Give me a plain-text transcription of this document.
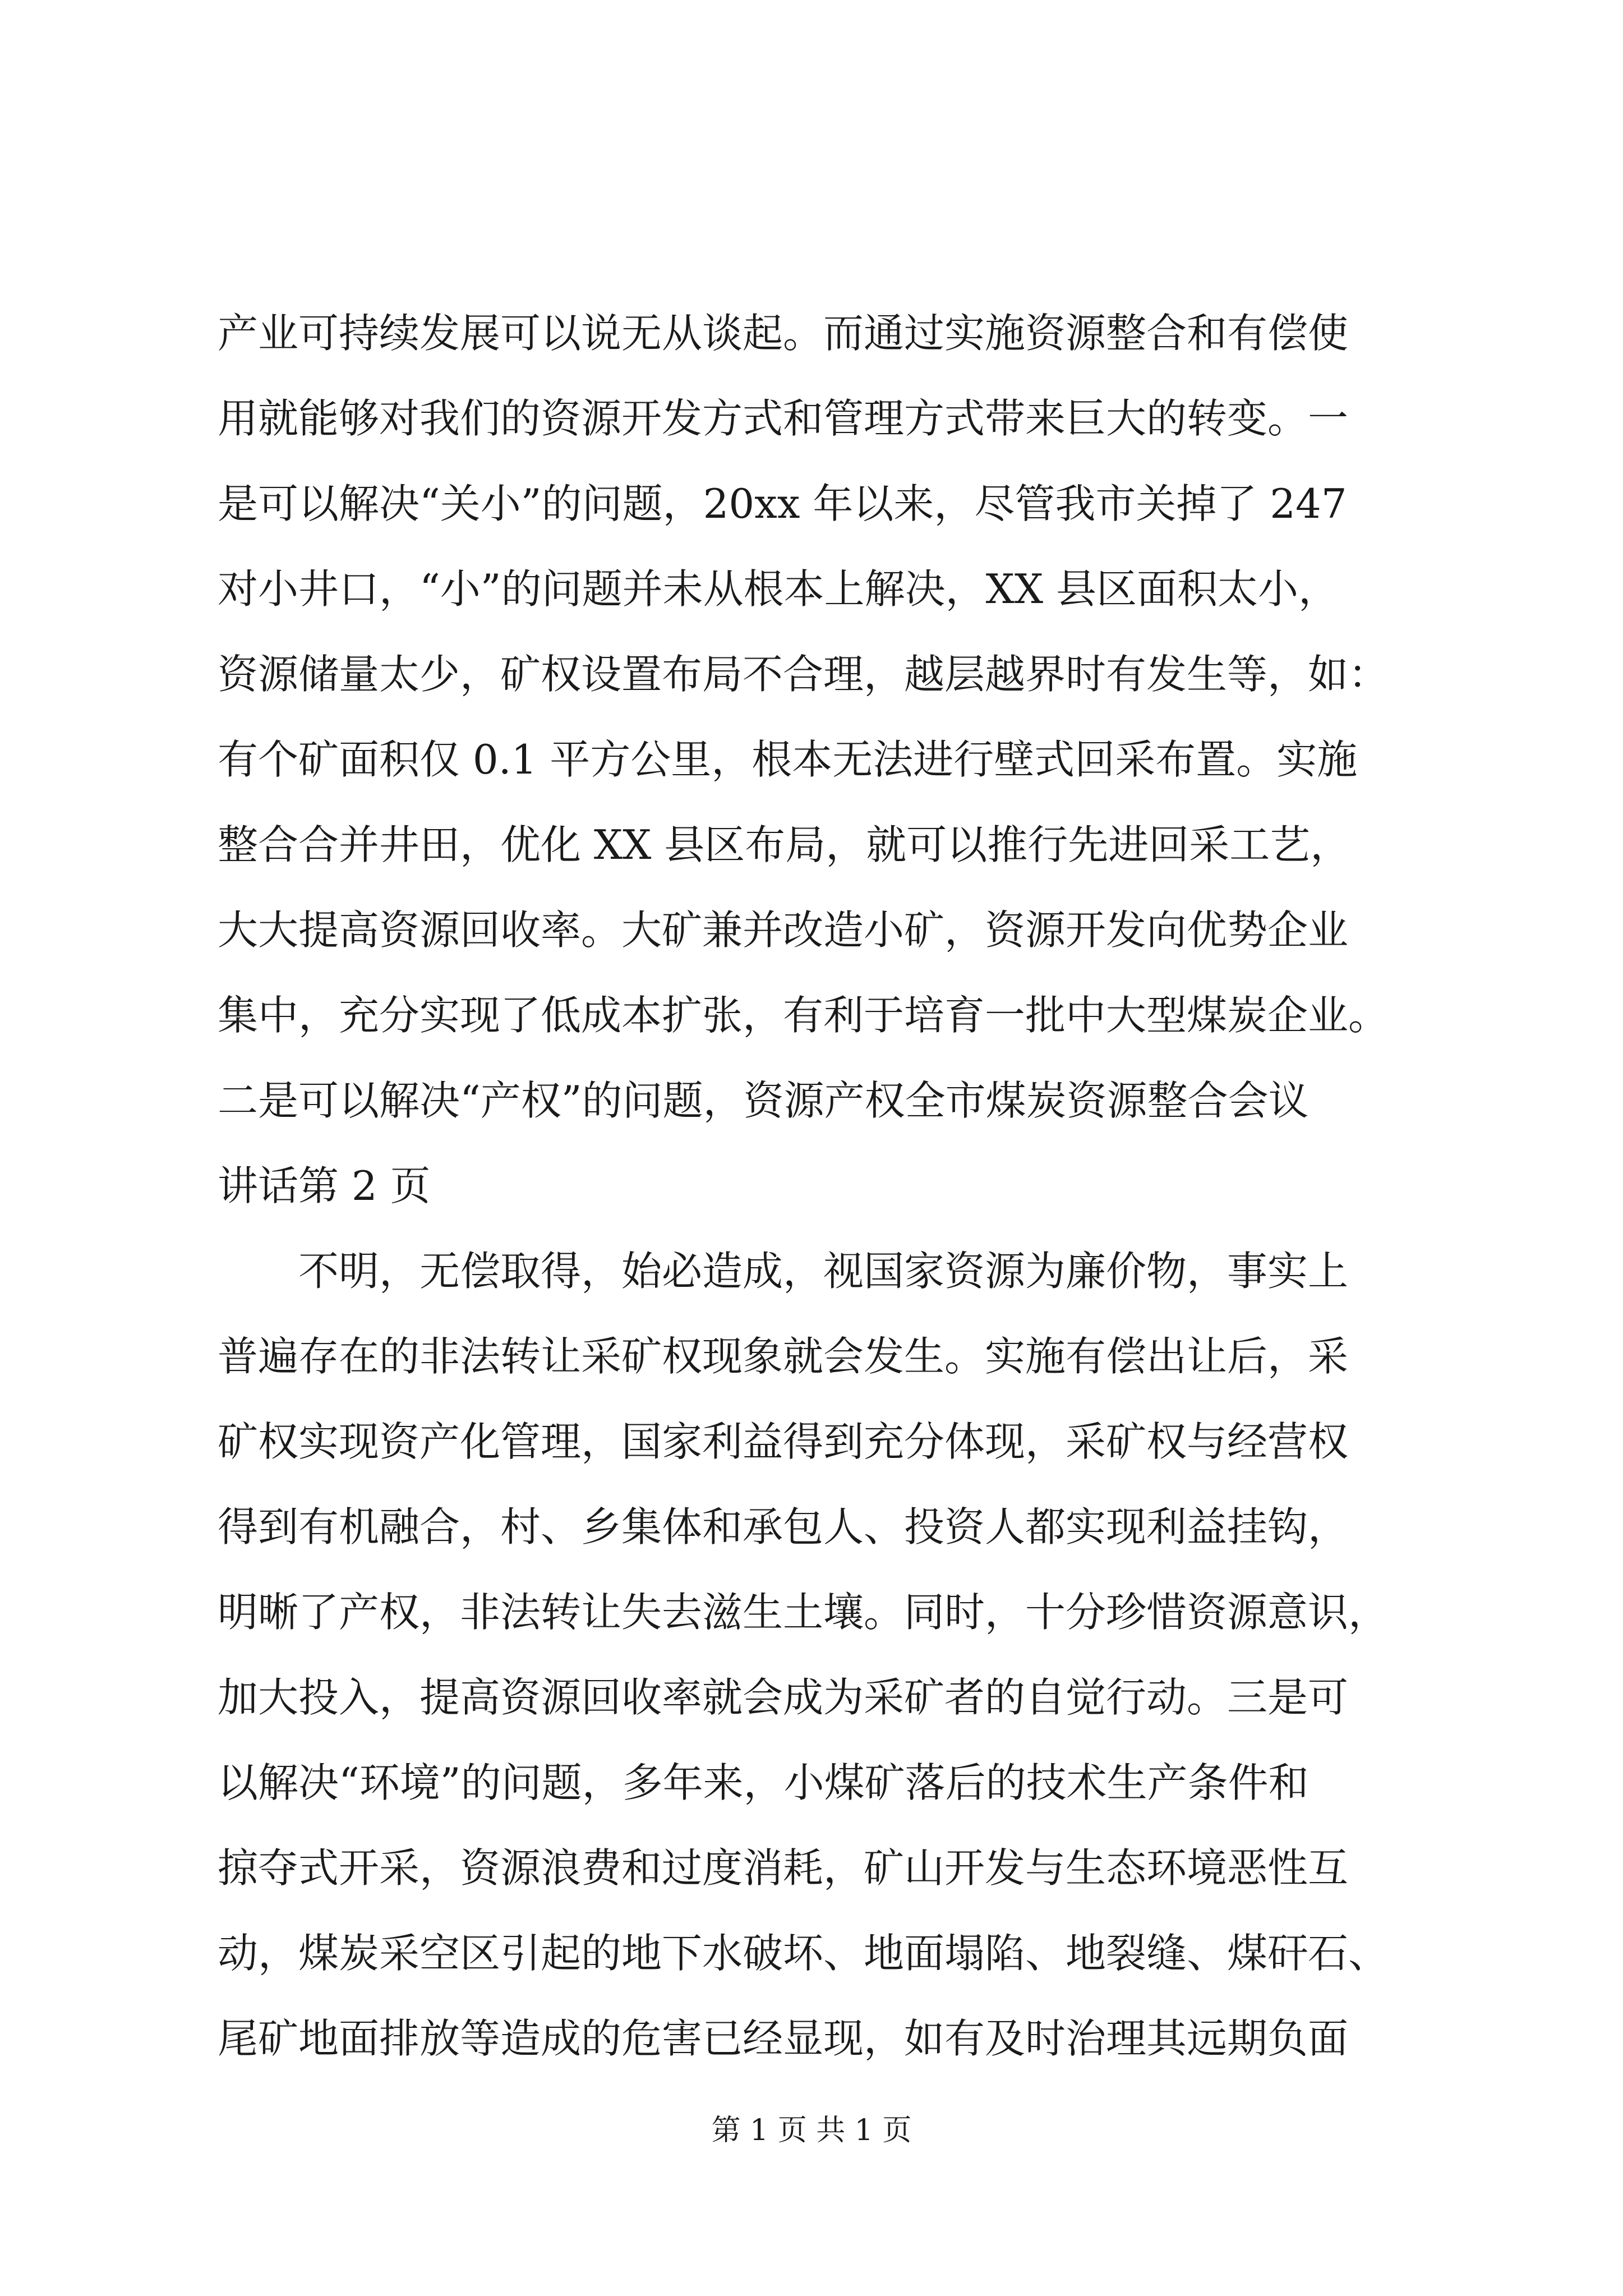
产业可持续发展可以说无从谈起。而通过实施资源整合和有偿使
用就能够对我们的资源开发方式和管理方式带来巨大的转变。一
是可以解决“关小”的问题，20xx 年以来，尽管我市关掉了 247
对小井口，“小”的问题并未从根本上解决，XX 县区面积太小，
资源储量太少，矿权设置布局不合理，越层越界时有发生等，如：
有个矿面积仅 0.1 平方公里，根本无法进行壁式回采布置。实施
整合合并井田，优化 XX 县区布局，就可以推行先进回采工艺，
大大提高资源回收率。大矿兼并改造小矿，资源开发向优势企业
集中，充分实现了低成本扩张，有利于培育一批中大型煤炭企业。
二是可以解决“产权”的问题，资源产权全市煤炭资源整合会议
讲话第 2 页
不明，无偿取得，始必造成，视国家资源为廉价物，事实上
普遍存在的非法转让采矿权现象就会发生。实施有偿出让后，采
矿权实现资产化管理，国家利益得到充分体现，采矿权与经营权
得到有机融合，村、乡集体和承包人、投资人都实现利益挂钩，
明晰了产权，非法转让失去滋生土壤。同时，十分珍惜资源意识，
加大投入，提高资源回收率就会成为采矿者的自觉行动。三是可
以解决“环境”的问题，多年来，小煤矿落后的技术生产条件和
掠夺式开采，资源浪费和过度消耗，矿山开发与生态环境恶性互
动，煤炭采空区引起的地下水破坏、地面塌陷、地裂缝、煤矸石、
尾矿地面排放等造成的危害已经显现，如有及时治理其远期负面
第 1 页 共 1 页
